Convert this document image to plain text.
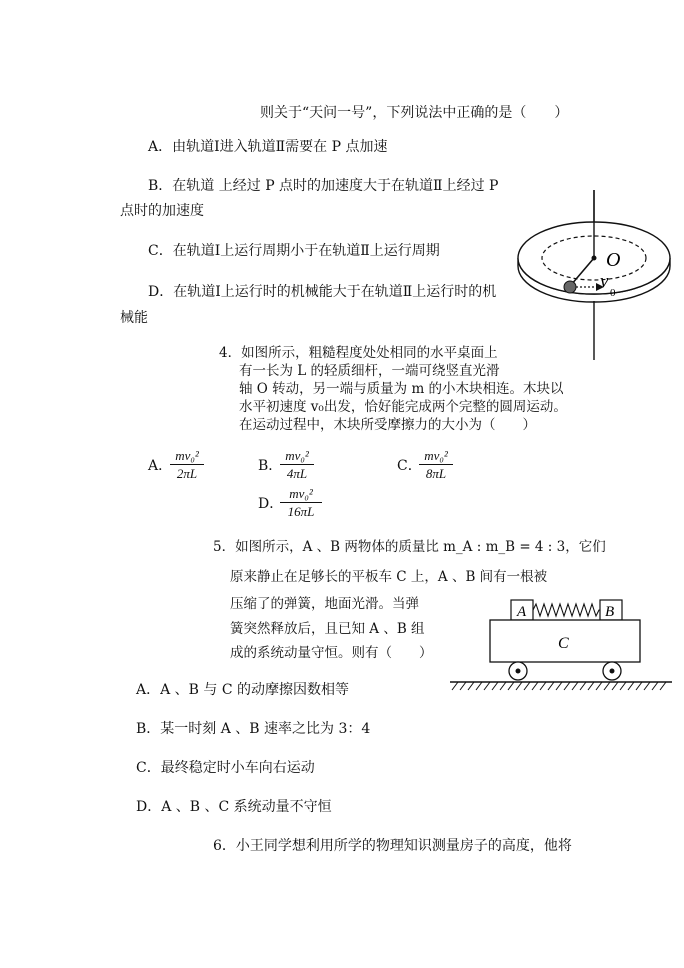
则关于“天问一号”，下列说法中正确的是（　　）
A．由轨道Ⅰ进入轨道Ⅱ需要在 P 点加速
B．在轨道 上经过 P 点时的加速度大于在轨道Ⅱ上经过 P
点时的加速度
C．在轨道Ⅰ上运行周期小于在轨道Ⅱ上运行周期
D．在轨道Ⅰ上运行时的机械能大于在轨道Ⅱ上运行时的机
械能
O
v
0
4．如图所示，粗糙程度处处相同的水平桌面上
有一长为 L 的轻质细杆，一端可绕竖直光滑
轴 O 转动，另一端与质量为 m 的小木块相连。木块以
水平初速度 v₀出发，恰好能完成两个完整的圆周运动。
在运动过程中，木块所受摩擦力的大小为（　　）
A．
mv₀²
2πL	B．
mv₀²
4πL	C．
mv₀²
8πL
D．
mv₀²
16πL
5．如图所示，A 、B 两物体的质量比 m_A : m_B = 4 : 3，它们
原来静止在足够长的平板车 C 上，A 、B 间有一根被
压缩了的弹簧，地面光滑。当弹
簧突然释放后，且已知 A 、B 组
成的系统动量守恒。则有（　　）
A	B
C
A．A 、B 与 C 的动摩擦因数相等
B．某一时刻 A 、B 速率之比为 3：4
C．最终稳定时小车向右运动
D．A 、B 、C 系统动量不守恒
6．小王同学想利用所学的物理知识测量房子的高度，他将
